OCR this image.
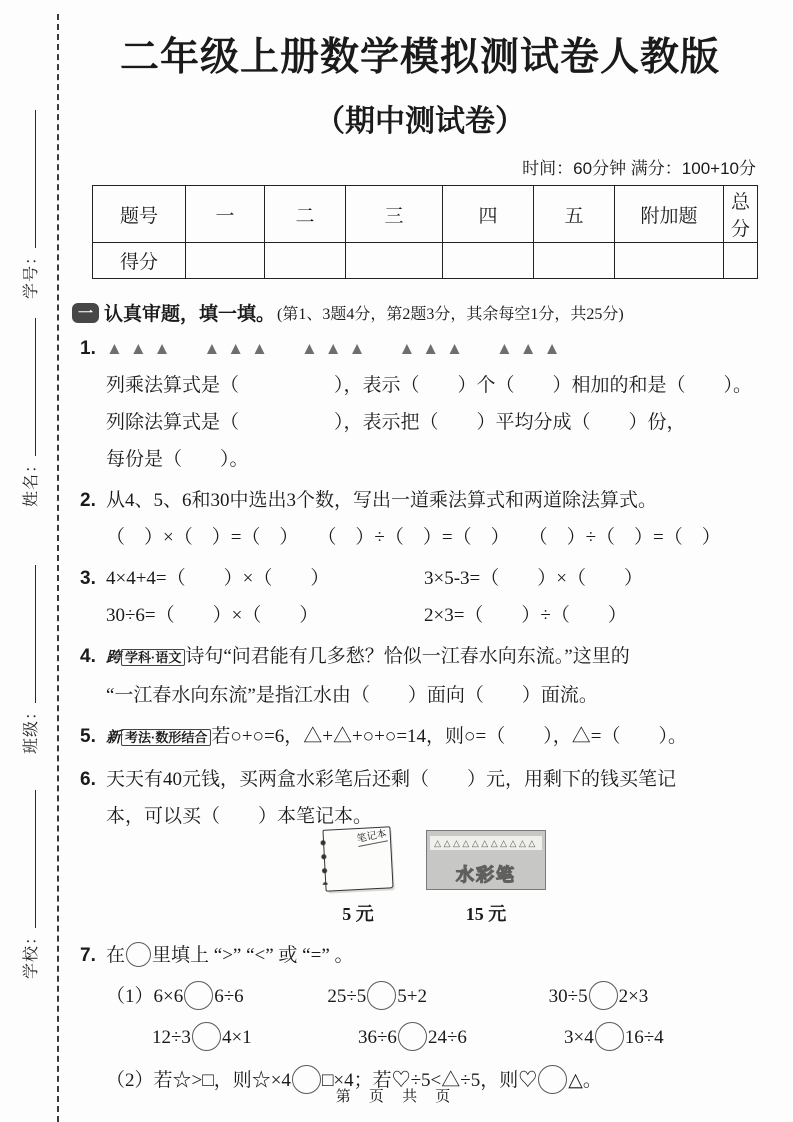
学号：
姓名：
班级：
学校：
二年级上册数学模拟测试卷人教版
（期中测试卷）
时间：60分钟 满分：100+10分
题号	一	二	三	四	五	附加题	总分
得分							
一 认真审题，填一填。 (第1、3题4分，第2题3分，其余每空1分，共25分)
1. ▲▲▲ ▲▲▲ ▲▲▲ ▲▲▲ ▲▲▲
列乘法算式是（　　　　　），表示（　　）个（　　）相加的和是（　　）。
列除法算式是（　　　　　），表示把（　　）平均分成（　　）份，
每份是（　　）。
2. 从4、5、6和30中选出3个数，写出一道乘法算式和两道除法算式。
（　）×（　）=（　）　　（　）÷（　）=（　）　　（　）÷（　）=（　）
3. 4×4+4=（　　）×（　　）	3×5-3=（　　）×（　　）
30÷6=（　　）×（　　）	2×3=（　　）÷（　　）
4. 跨 学科·语文 诗句“问君能有几多愁？恰似一江春水向东流。”这里的
“一江春水向东流”是指江水由（　　）面向（　　）面流。
5. 新 考法·数形结合 若○+○=6，△+△+○+○=14，则○=（　　），△=（　　）。
6. 天天有40元钱，买两盒水彩笔后还剩（　　）元，用剩下的钱买笔记
本，可以买（　　）本笔记本。
笔记本
5 元
△△△△△△△△△△△
水彩笔
15 元
7. 在 里填上 “>” “<” 或 “=” 。
（1）6×6 6÷6	25÷5 5+2	30÷5 2×3
12÷3 4×1	36÷6 24÷6	3×4 16÷4
（2）若☆>□，则☆×4 □×4；若♡÷5<△÷5，则♡ △。
第 页 共 页
